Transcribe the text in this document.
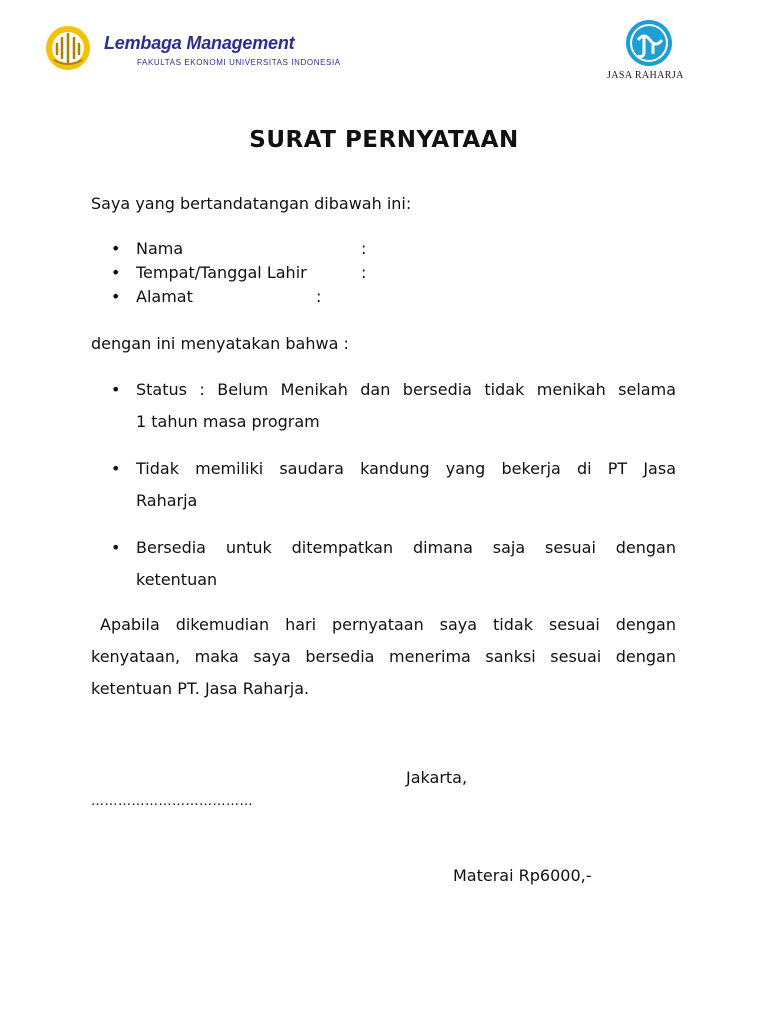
Lembaga Management
FAKULTAS EKONOMI UNIVERSITAS INDONESIA
JASA RAHARJA
SURAT PERNYATAAN
Saya yang bertandatangan dibawah ini:
• Nama	:
• Tempat/Tanggal Lahir	:
• Alamat	:
dengan ini menyatakan bahwa :
• Status : Belum Menikah dan bersedia tidak menikah selama
1 tahun masa program
• Tidak memiliki saudara kandung yang bekerja di PT Jasa
Raharja
• Bersedia untuk ditempatkan dimana saja sesuai dengan
ketentuan
Apabila dikemudian hari pernyataan saya tidak sesuai dengan
kenyataan, maka saya bersedia menerima sanksi sesuai dengan
ketentuan PT. Jasa Raharja.
Jakarta,
………………………………
Materai Rp6000,-
